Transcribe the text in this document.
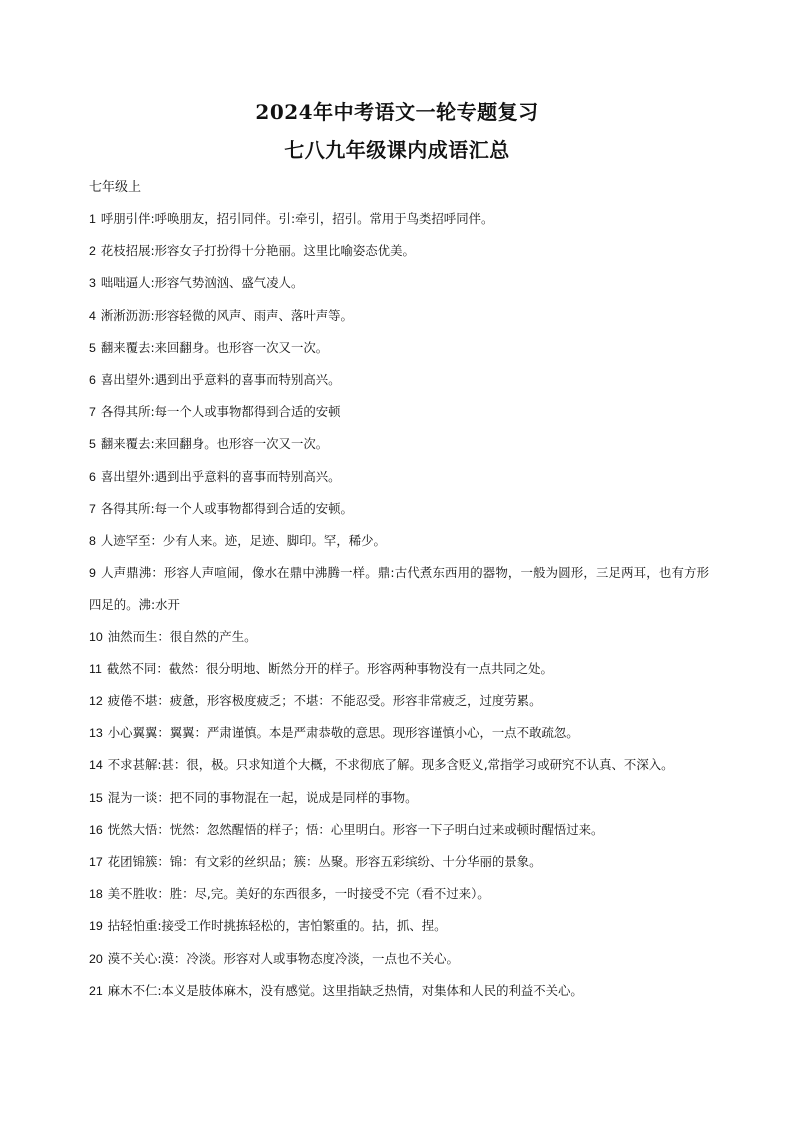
2024年中考语文一轮专题复习
七八九年级课内成语汇总
七年级上

1 呼朋引伴:呼唤朋友，招引同伴。引:牵引，招引。常用于鸟类招呼同伴。

2 花枝招展:形容女子打扮得十分艳丽。这里比喻姿态优美。

3 咄咄逼人:形容气势汹汹、盛气凌人。

4 淅淅沥沥:形容轻微的风声、雨声、落叶声等。

5 翻来覆去:来回翻身。也形容一次又一次。

6 喜出望外:遇到出乎意料的喜事而特别高兴。

7 各得其所:每一个人或事物都得到合适的安顿

5 翻来覆去:来回翻身。也形容一次又一次。

6 喜出望外:遇到出乎意料的喜事而特别高兴。

7 各得其所:每一个人或事物都得到合适的安顿。

8 人迹罕至：少有人来。迹，足迹、脚印。罕，稀少。

9 人声鼎沸：形容人声喧闹，像水在鼎中沸腾一样。鼎:古代煮东西用的器物，一般为圆形，三足两耳，也有方形四足的。沸:水开

10 油然而生：很自然的产生。

11 截然不同：截然：很分明地、断然分开的样子。形容两种事物没有一点共同之处。

12 疲倦不堪：疲惫，形容极度疲乏；不堪：不能忍受。形容非常疲乏，过度劳累。

13 小心翼翼：翼翼：严肃谨慎。本是严肃恭敬的意思。现形容谨慎小心，一点不敢疏忽。

14 不求甚解:甚：很，极。只求知道个大概，不求彻底了解。现多含贬义,常指学习或研究不认真、不深入。

15 混为一谈：把不同的事物混在一起，说成是同样的事物。

16 恍然大悟：恍然：忽然醒悟的样子；悟：心里明白。形容一下子明白过来或顿时醒悟过来。

17 花团锦簇：锦：有文彩的丝织品；簇：丛聚。形容五彩缤纷、十分华丽的景象。

18 美不胜收：胜：尽,完。美好的东西很多，一时接受不完（看不过来）。

19 拈轻怕重:接受工作时挑拣轻松的，害怕繁重的。拈，抓、捏。

20 漠不关心:漠：冷淡。形容对人或事物态度冷淡，一点也不关心。

21 麻木不仁:本义是肢体麻木，没有感觉。这里指缺乏热情，对集体和人民的利益不关心。
